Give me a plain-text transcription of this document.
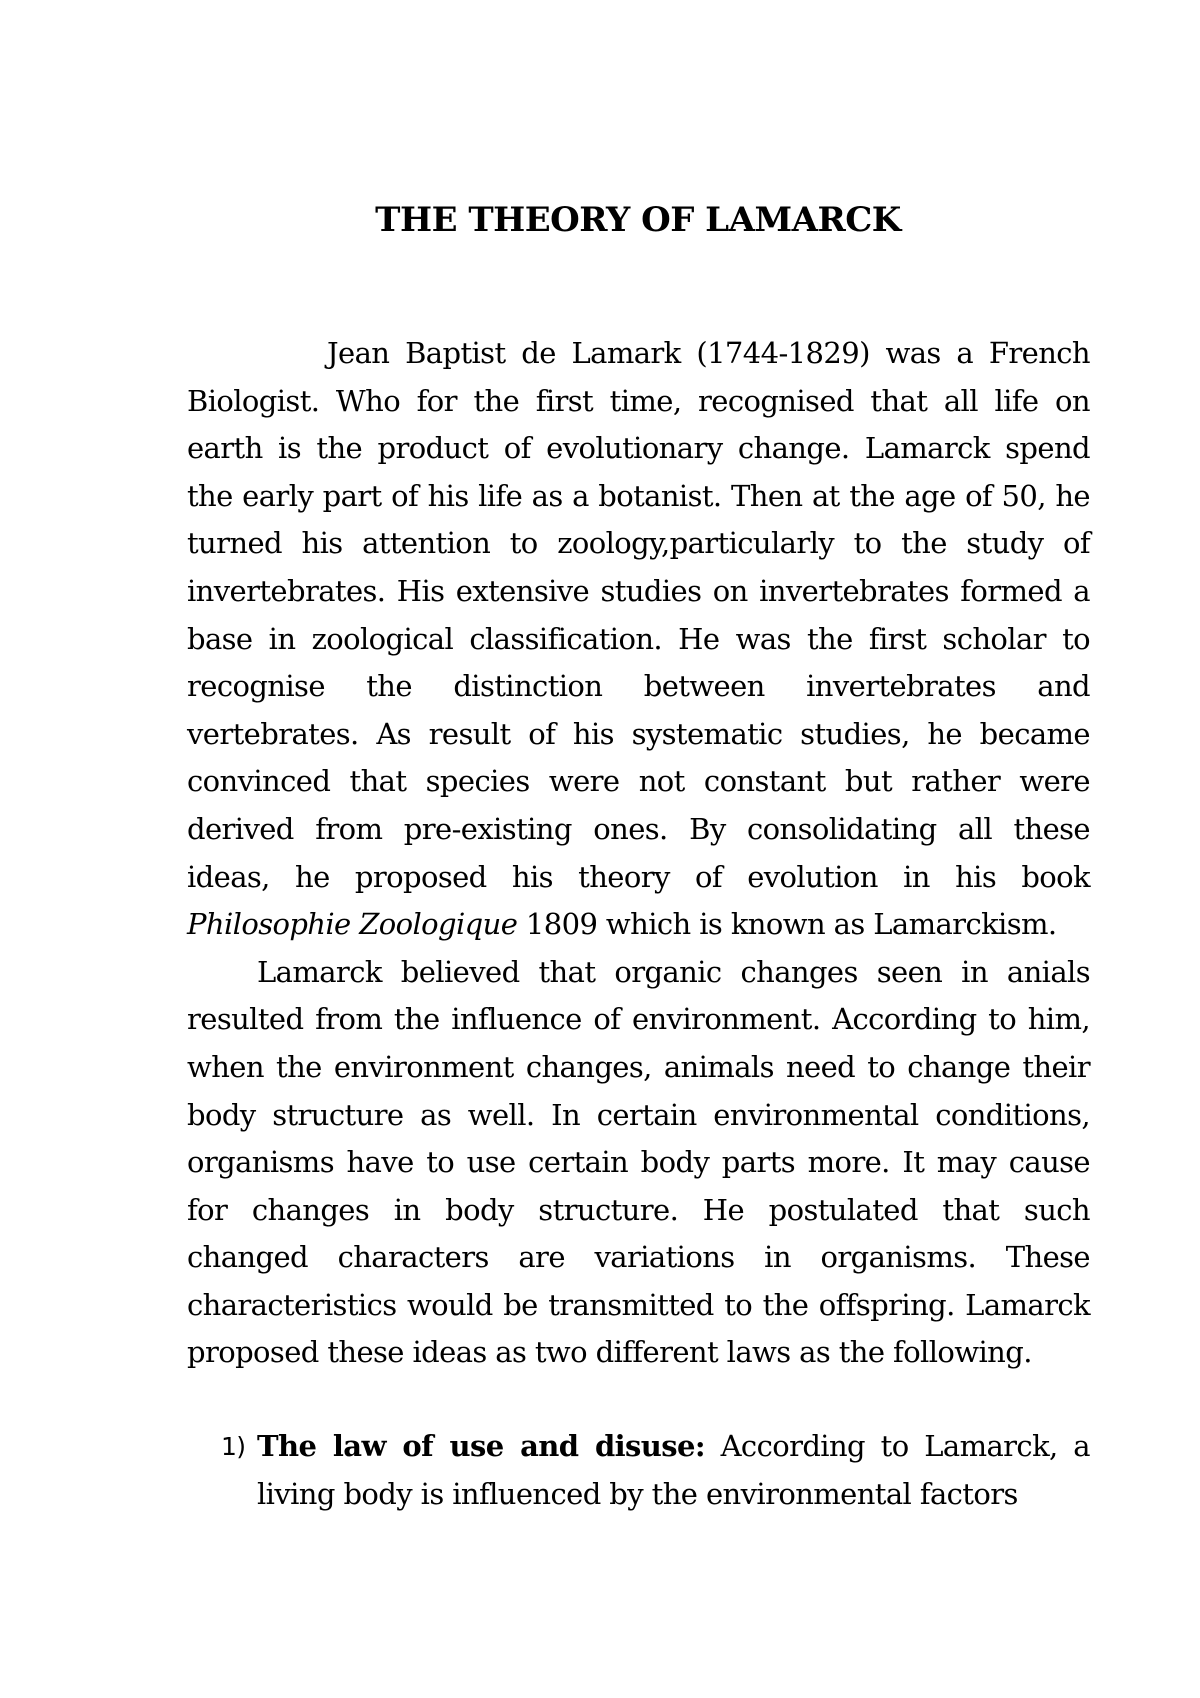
THE THEORY OF LAMARCK

Jean Baptist de Lamark (1744-1829) was a French Biologist. Who for the first time, recognised that all life on earth is the product of evolutionary change. Lamarck spend the early part of his life as a botanist. Then at the age of 50, he turned his attention to zoology,particularly to the study of invertebrates. His extensive studies on invertebrates formed a base in zoological classification. He was the first scholar to recognise the distinction between invertebrates and vertebrates. As result of his systematic studies, he became convinced that species were not constant but rather were derived from pre-existing ones. By consolidating all these ideas, he proposed his theory of evolution in his book Philosophie Zoologique 1809 which is known as Lamarckism.

Lamarck believed that organic changes seen in anials resulted from the influence of environment. According to him, when the environment changes, animals need to change their body structure as well. In certain environmental conditions, organisms have to use certain body parts more. It may cause for changes in body structure. He postulated that such changed characters are variations in organisms. These characteristics would be transmitted to the offspring. Lamarck proposed these ideas as two different laws as the following.

1) The law of use and disuse: According to Lamarck, a living body is influenced by the environmental factors
